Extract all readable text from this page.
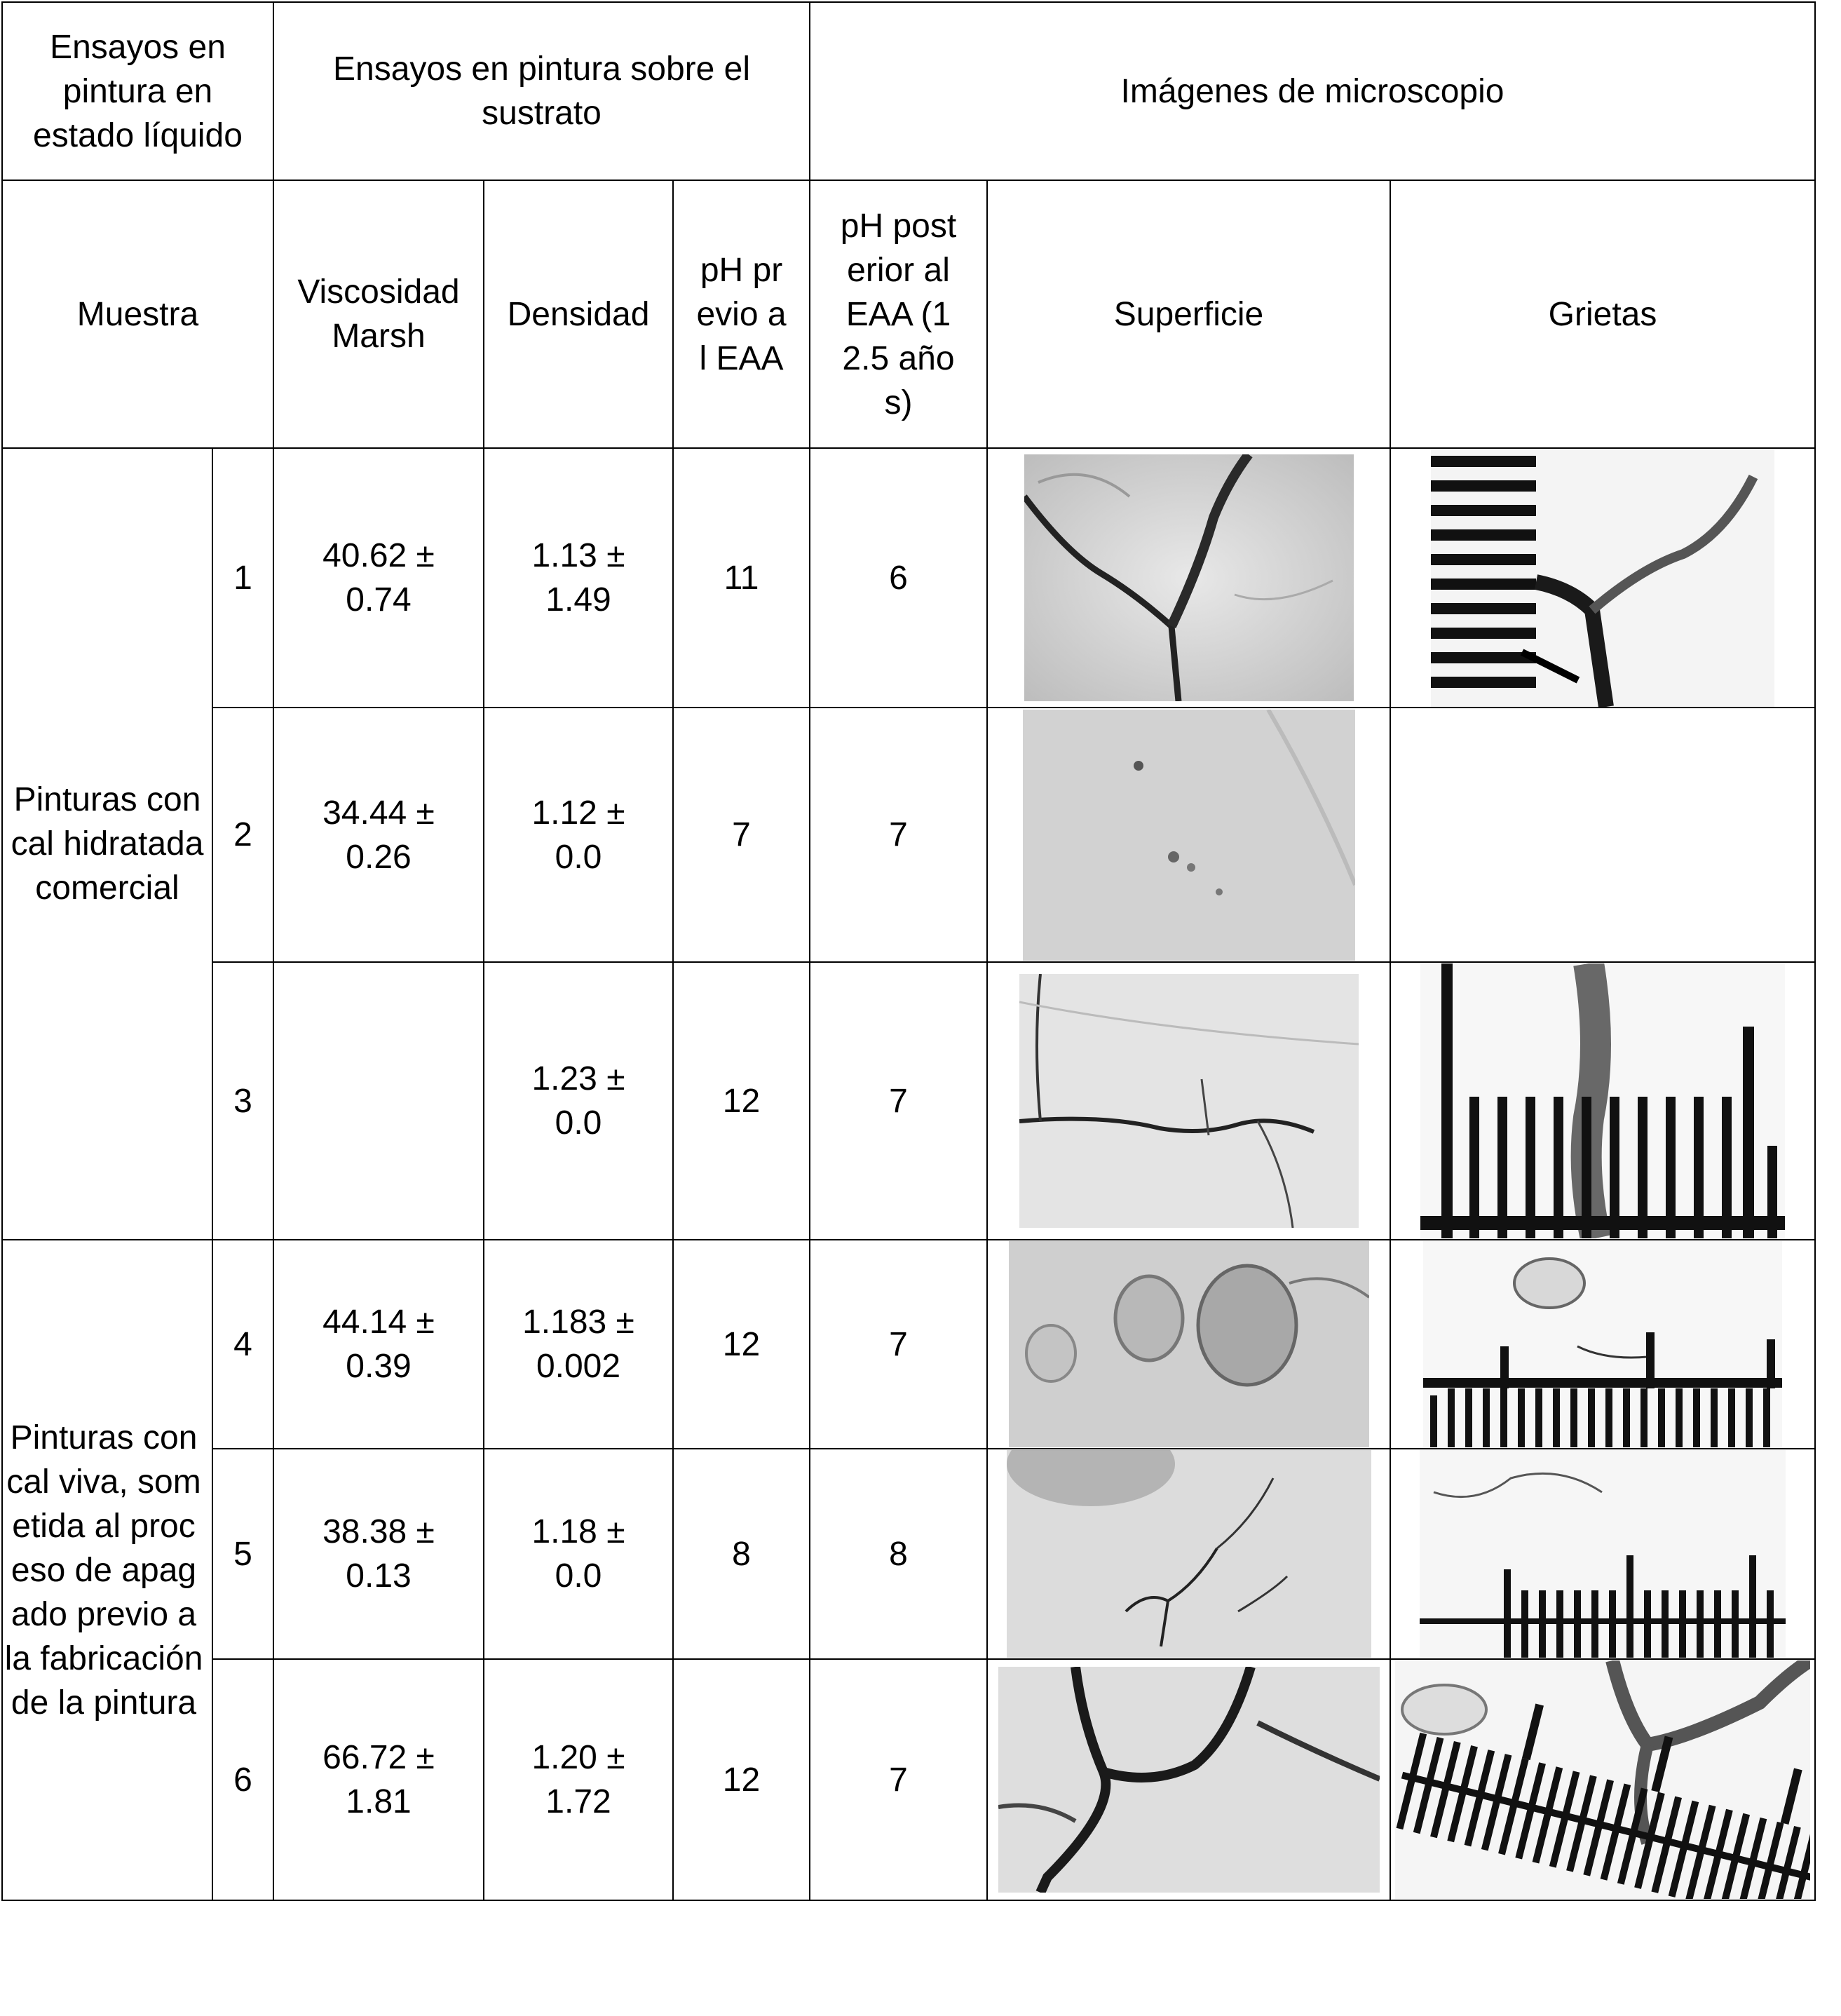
Ensayos en pintura en estado líquido		Ensayos en pintura sobre el sustrato			Imágenes de microscopio		
Muestra		Viscosidad Marsh	Densidad	pH previo al EAA	pH posterior al EAA (12.5 años)	Superficie	Grietas
Pinturas con cal hidratada comercial	1	40.62 ± 0.74	1.13 ± 1.49	11	6	

	2	34.44 ± 0.26	1.12 ± 0.0	7	7	

	3		1.23 ± 0.0	12	7	

Pinturas con cal viva, sometida al proceso de apagado previo a la fabricación de la pintura	4	44.14 ± 0.39	1.183 ± 0.002	12	7	

	5	38.38 ± 0.13	1.18 ± 0.0	8	8	

	6	66.72 ± 1.81	1.20 ± 1.72	12	7	
